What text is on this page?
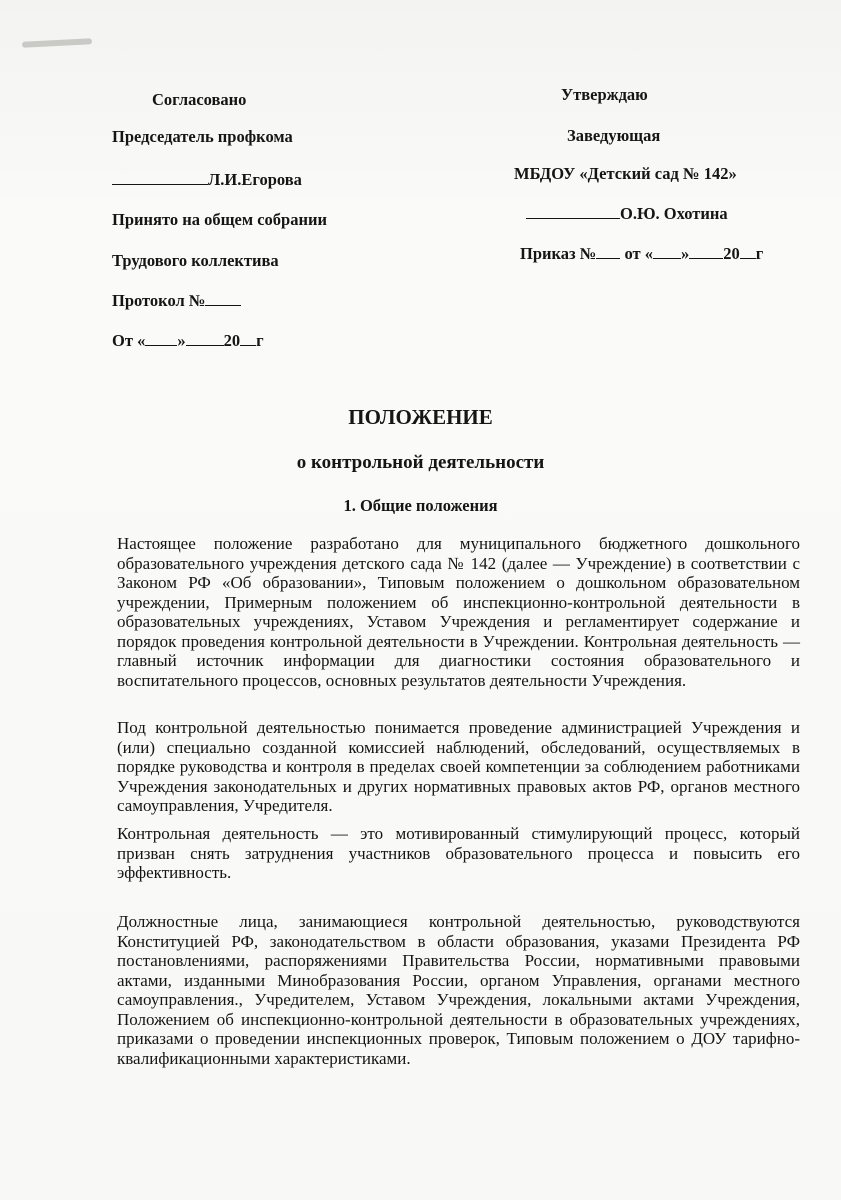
Согласовано
Председатель профкома
Л.И.Егорова
Принято на общем собрании
Трудового коллектива
Протокол №
От « » 20 г
Утверждаю
Заведующая
МБДОУ «Детский сад № 142»
О.Ю. Охотина
Приказ № от « » 20 г
ПОЛОЖЕНИЕ
о контрольной деятельности
1. Общие положения

Настоящее положение разработано для муниципального бюджетного дошкольного образовательного учреждения детского сада № 142 (далее — Учреждение) в соответствии с Законом РФ «Об образовании», Типовым положением о дошкольном образовательном учреждении, Примерным положением об инспекционно-контрольной деятельности в образовательных учреждениях, Уставом Учреждения и регламентирует содержание и порядок проведения контрольной деятельности в Учреждении. Контрольная деятельность — главный источник информации для диагностики состояния образовательного и воспитательного процессов, основных результатов деятельности Учреждения.

Под контрольной деятельностью понимается проведение администрацией Учреждения и (или) специально созданной комиссией наблюдений, обследований, осуществляемых в порядке руководства и контроля в пределах своей компетенции за соблюдением работниками Учреждения законодательных и других нормативных правовых актов РФ, органов местного самоуправления, Учредителя.

Контрольная деятельность — это мотивированный стимулирующий процесс, который призван снять затруднения участников образовательного процесса и повысить его эффективность.

Должностные лица, занимающиеся контрольной деятельностью, руководствуются Конституцией РФ, законодательством в области образования, указами Президента РФ постановлениями, распоряжениями Правительства России, нормативными правовыми актами, изданными Минобразования России, органом Управления, органами местного самоуправления., Учредителем, Уставом Учреждения, локальными актами Учреждения, Положением об инспекционно-контрольной деятельности в образовательных учреждениях, приказами о проведении инспекционных проверок, Типовым положением о ДОУ тарифно-квалификационными характеристиками.
